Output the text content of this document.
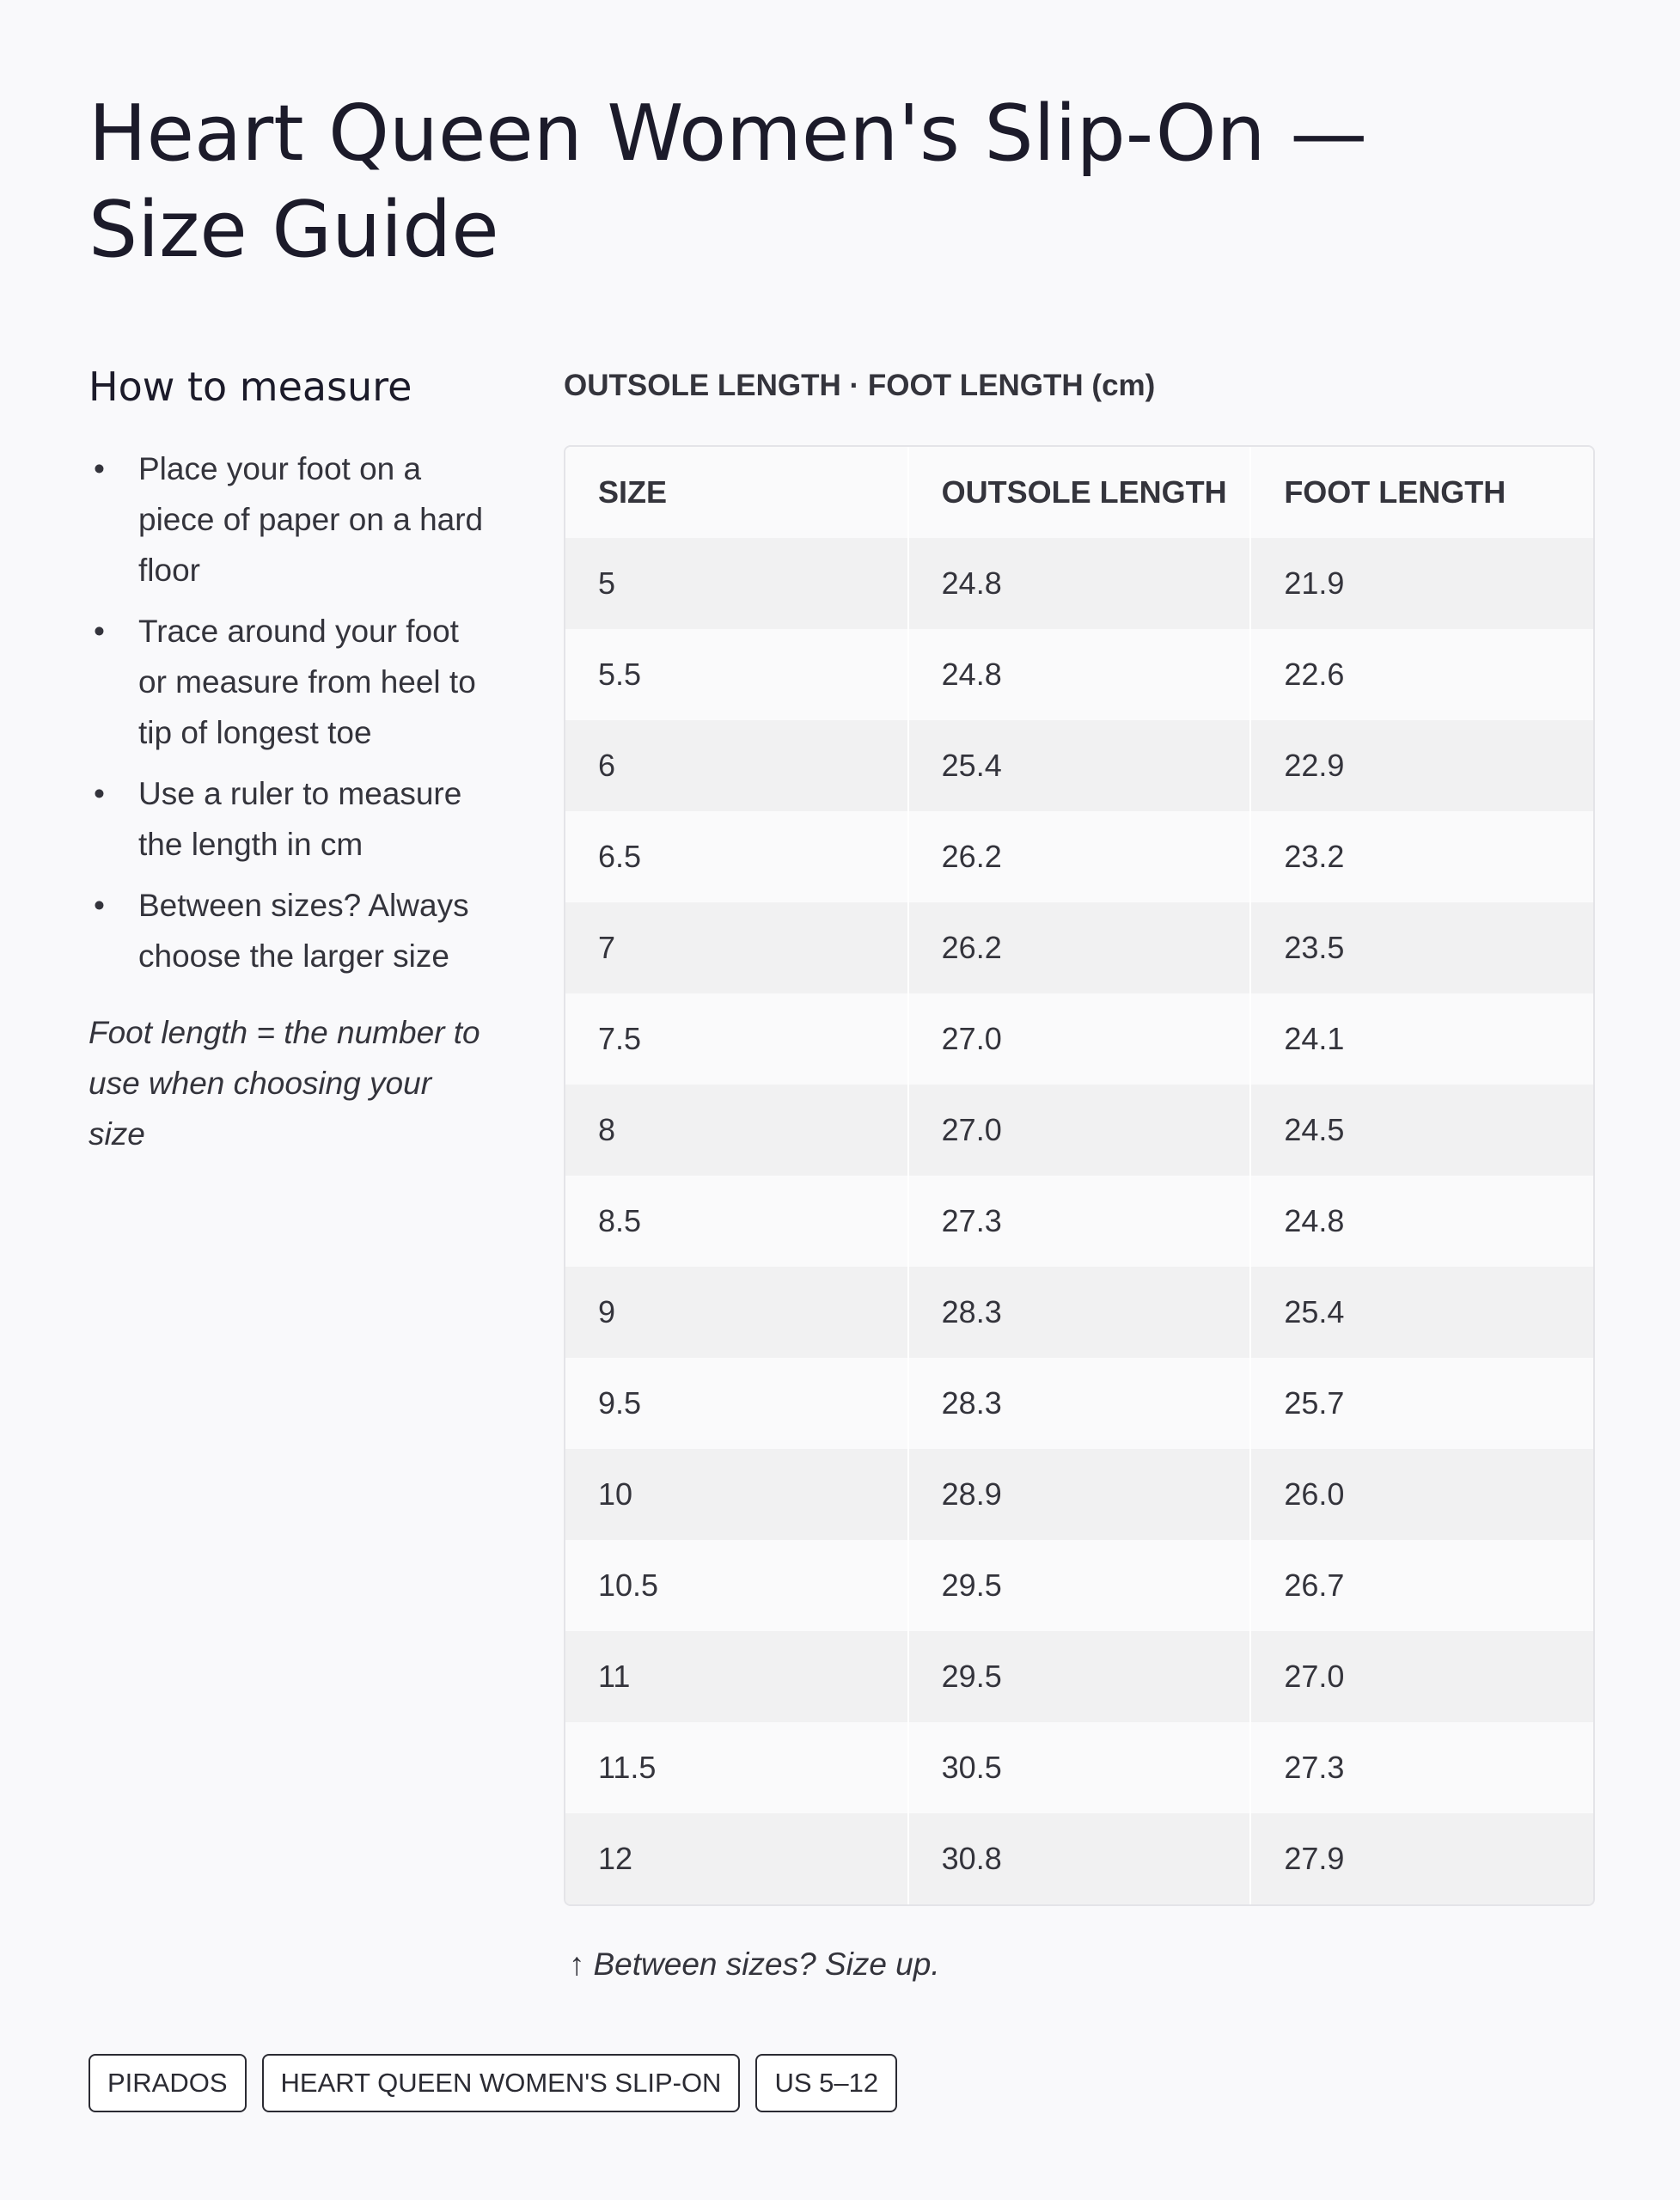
Heart Queen Women's Slip-On — Size Guide
How to measure
• Place your foot on a piece of paper on a hard floor
• Trace around your foot or measure from heel to tip of longest toe
• Use a ruler to measure the length in cm
• Between sizes? Always choose the larger size

Foot length = the number to use when choosing your size

OUTSOLE LENGTH · FOOT LENGTH (cm)

SIZE	OUTSOLE LENGTH	FOOT LENGTH
5	24.8	21.9
5.5	24.8	22.6
6	25.4	22.9
6.5	26.2	23.2
7	26.2	23.5
7.5	27.0	24.1
8	27.0	24.5
8.5	27.3	24.8
9	28.3	25.4
9.5	28.3	25.7
10	28.9	26.0
10.5	29.5	26.7
11	29.5	27.0
11.5	30.5	27.3
12	30.8	27.9

↑ Between sizes? Size up.

PIRADOS	HEART QUEEN WOMEN'S SLIP-ON	US 5–12
